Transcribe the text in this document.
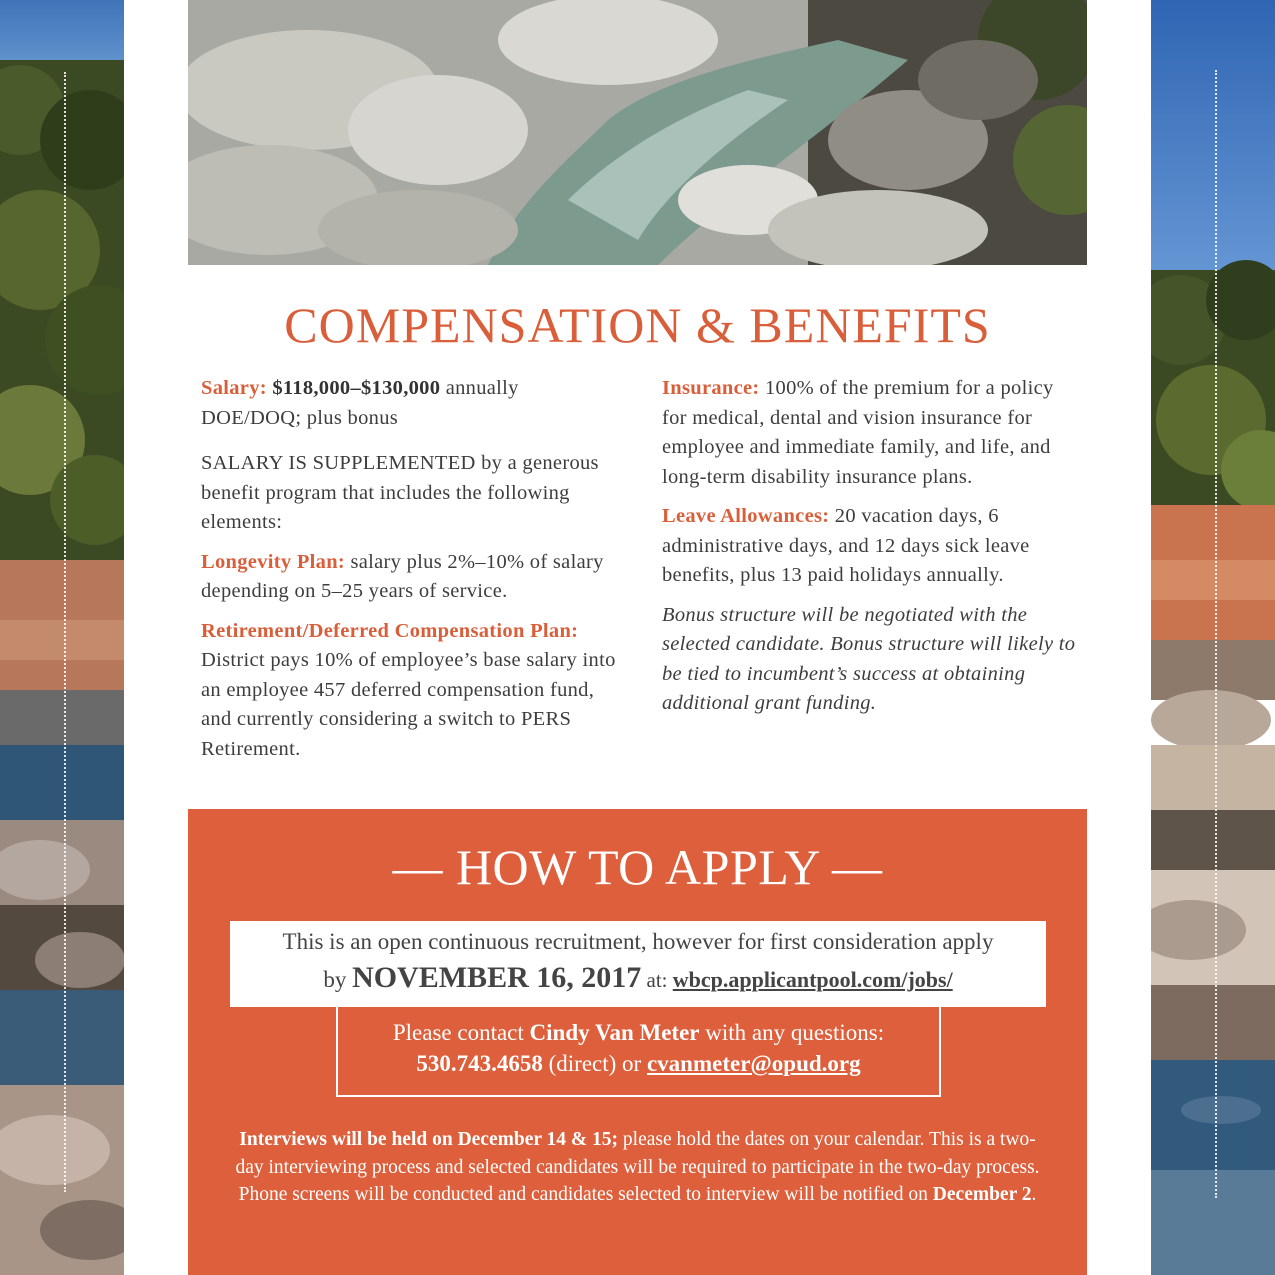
COMPENSATION & BENEFITS

Salary: $118,000–$130,000 annually DOE/DOQ; plus bonus

SALARY IS SUPPLEMENTED by a generous benefit program that includes the following elements:

Longevity Plan: salary plus 2%–10% of salary depending on 5–25 years of service.

Retirement/Deferred Compensation Plan: District pays 10% of employee’s base salary into an employee 457 deferred compensation fund, and currently considering a switch to PERS Retirement.

Insurance: 100% of the premium for a policy for medical, dental and vision insurance for employee and immediate family, and life, and long-term disability insurance plans.

Leave Allowances: 20 vacation days, 6 administrative days, and 12 days sick leave benefits, plus 13 paid holidays annually.

Bonus structure will be negotiated with the selected candidate. Bonus structure will likely to be tied to incumbent’s success at obtaining additional grant funding.

— HOW TO APPLY —
This is an open continuous recruitment, however for first consideration apply
by NOVEMBER 16, 2017 at: wbcp.applicantpool.com/jobs/
Please contact Cindy Van Meter with any questions:
530.743.4658 (direct) or cvanmeter@opud.org
Interviews will be held on December 14 & 15; please hold the dates on your calendar. This is a two-day interviewing process and selected candidates will be required to participate in the two-day process. Phone screens will be conducted and candidates selected to interview will be notified on December 2.
